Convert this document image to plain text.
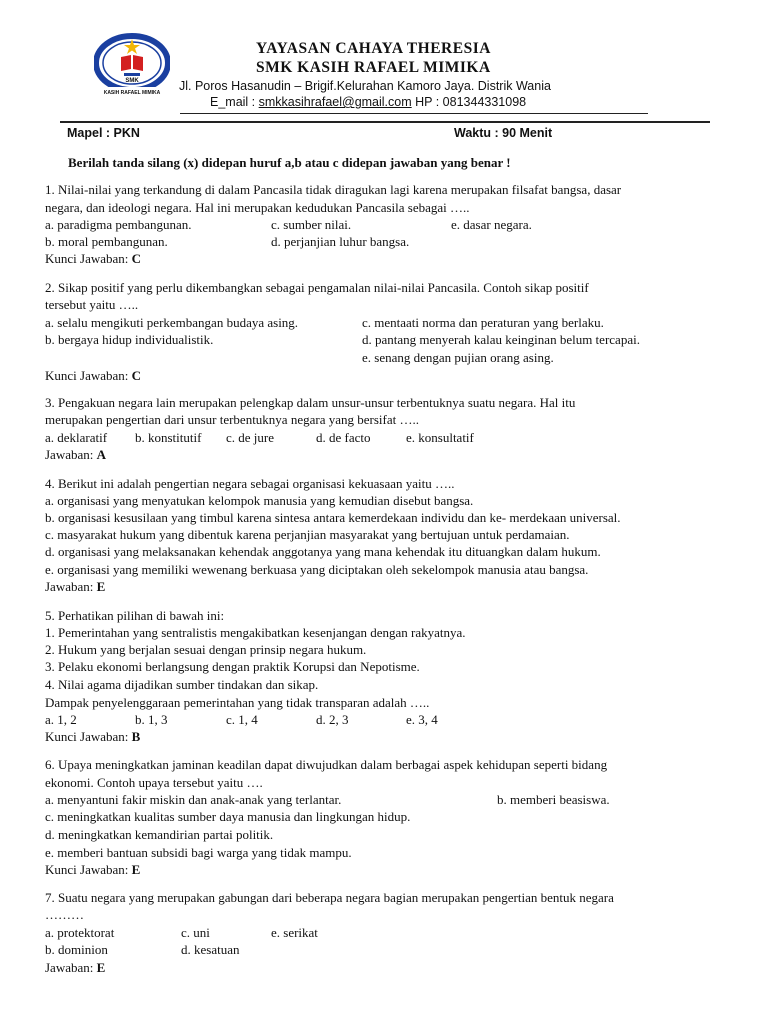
SMK
KASIH RAFAEL MIMIKA
YAYASAN CAHAYA THERESIA
SMK KASIH RAFAEL MIMIKA
Jl. Poros Hasanudin – Brigif.Kelurahan Kamoro Jaya. Distrik Wania
E_mail : smkkasihrafael@gmail.com HP : 081344331098
Mapel : PKN	Waktu : 90 Menit
Berilah tanda silang (x) didepan huruf a,b atau c didepan jawaban yang benar !
1. Nilai-nilai yang terkandung di dalam Pancasila tidak diragukan lagi karena merupakan filsafat bangsa, dasar
negara, dan ideologi negara. Hal ini merupakan kedudukan Pancasila sebagai …..
a. paradigma pembangunan.	c. sumber nilai.	e. dasar negara.
b. moral pembangunan.	d. perjanjian luhur bangsa.
Kunci Jawaban: C
2. Sikap positif yang perlu dikembangkan sebagai pengamalan nilai-nilai Pancasila. Contoh sikap positif
tersebut yaitu …..
a. selalu mengikuti perkembangan budaya asing.	c. mentaati norma dan peraturan yang berlaku.
b. bergaya hidup individualistik.	d. pantang menyerah kalau keinginan belum tercapai.
e. senang dengan pujian orang asing.
Kunci Jawaban: C
3. Pengakuan negara lain merupakan pelengkap dalam unsur-unsur terbentuknya suatu negara. Hal itu
merupakan pengertian dari unsur terbentuknya negara yang bersifat …..
a. deklaratif b. konstitutif c. de jure	d. de facto	e. konsultatif
Jawaban: A
4. Berikut ini adalah pengertian negara sebagai organisasi kekuasaan yaitu …..
a. organisasi yang menyatukan kelompok manusia yang kemudian disebut bangsa.
b. organisasi kesusilaan yang timbul karena sintesa antara kemerdekaan individu dan ke- merdekaan universal.
c. masyarakat hukum yang dibentuk karena perjanjian masyarakat yang bertujuan untuk perdamaian.
d. organisasi yang melaksanakan kehendak anggotanya yang mana kehendak itu dituangkan dalam hukum.
e. organisasi yang memiliki wewenang berkuasa yang diciptakan oleh sekelompok manusia atau bangsa.
Jawaban: E
5. Perhatikan pilihan di bawah ini:
1. Pemerintahan yang sentralistis mengakibatkan kesenjangan dengan rakyatnya.
2. Hukum yang berjalan sesuai dengan prinsip negara hukum.
3. Pelaku ekonomi berlangsung dengan praktik Korupsi dan Nepotisme.
4. Nilai agama dijadikan sumber tindakan dan sikap.
Dampak penyelenggaraan pemerintahan yang tidak transparan adalah …..
a. 1, 2	b. 1, 3	c. 1, 4	d. 2, 3	e. 3, 4
Kunci Jawaban: B
6. Upaya meningkatkan jaminan keadilan dapat diwujudkan dalam berbagai aspek kehidupan seperti bidang
ekonomi. Contoh upaya tersebut yaitu ….
a. menyantuni fakir miskin dan anak-anak yang terlantar.	b. memberi beasiswa.
c. meningkatkan kualitas sumber daya manusia dan lingkungan hidup.
d. meningkatkan kemandirian partai politik.
e. memberi bantuan subsidi bagi warga yang tidak mampu.
Kunci Jawaban: E
7. Suatu negara yang merupakan gabungan dari beberapa negara bagian merupakan pengertian bentuk negara
………
a. protektorat	c. uni	e. serikat
b. dominion	d. kesatuan
Jawaban: E
